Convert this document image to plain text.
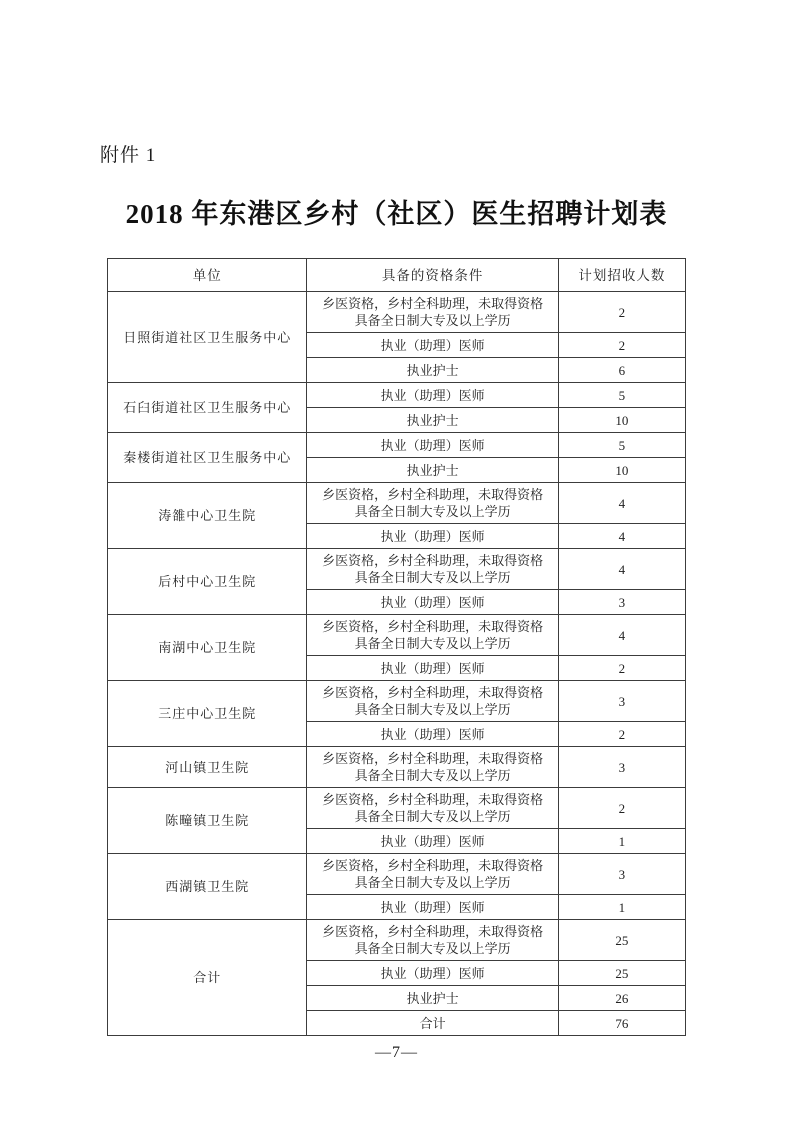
附件 1
2018 年东港区乡村（社区）医生招聘计划表
单位	具备的资格条件	计划招收人数
日照街道社区卫生服务中心	乡医资格，乡村全科助理，未取得资格具备全日制大专及以上学历	2
	执业（助理）医师	2
	执业护士	6
石臼街道社区卫生服务中心	执业（助理）医师	5
	执业护士	10
秦楼街道社区卫生服务中心	执业（助理）医师	5
	执业护士	10
涛雒中心卫生院	乡医资格，乡村全科助理，未取得资格具备全日制大专及以上学历	4
	执业（助理）医师	4
后村中心卫生院	乡医资格，乡村全科助理，未取得资格具备全日制大专及以上学历	4
	执业（助理）医师	3
南湖中心卫生院	乡医资格，乡村全科助理，未取得资格具备全日制大专及以上学历	4
	执业（助理）医师	2
三庄中心卫生院	乡医资格，乡村全科助理，未取得资格具备全日制大专及以上学历	3
	执业（助理）医师	2
河山镇卫生院	乡医资格，乡村全科助理，未取得资格具备全日制大专及以上学历	3
陈疃镇卫生院	乡医资格，乡村全科助理，未取得资格具备全日制大专及以上学历	2
	执业（助理）医师	1
西湖镇卫生院	乡医资格，乡村全科助理，未取得资格具备全日制大专及以上学历	3
	执业（助理）医师	1
合计	乡医资格，乡村全科助理，未取得资格具备全日制大专及以上学历	25
	执业（助理）医师	25
	执业护士	26
	合计	76
—7—
